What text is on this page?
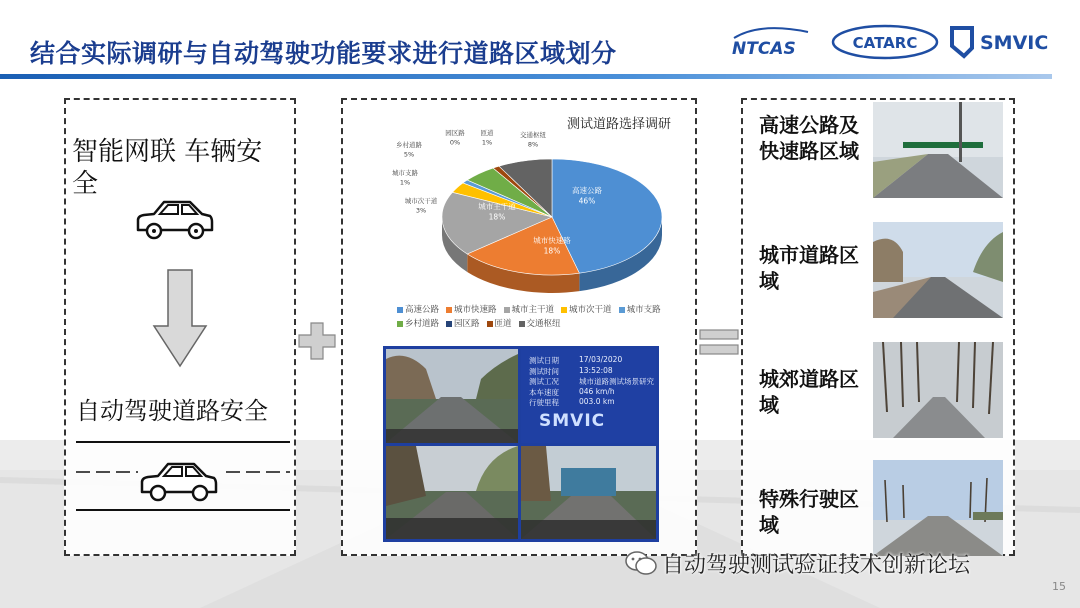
结合实际调研与自动驾驶功能要求进行道路区域划分	NTCAS	CATARC	SMVIC
智能网联 车辆安全
自动驾驶道路安全
高速公路
46%
城市快速路
18%
城市主干道
18%
城市次干道
3%
城市支路
1%
乡村道路
5%
园区路
0%
匝道
1%
交通枢纽
8%
测试道路选择调研
高速公路 城市快速路 城市主干道 城市次干道 城市支路乡村道路 园区路 匝道 交通枢纽
测试日期	17/03/2020
测试时间	13:52:08
测试工况	城市道路测试场景研究
本车速度	046 km/h
行驶里程	003.0 km
SMVIC
高速公路及快速路区域
城市道路区域
城郊道路区域
特殊行驶区域
自动驾驶测试验证技术创新论坛
15
